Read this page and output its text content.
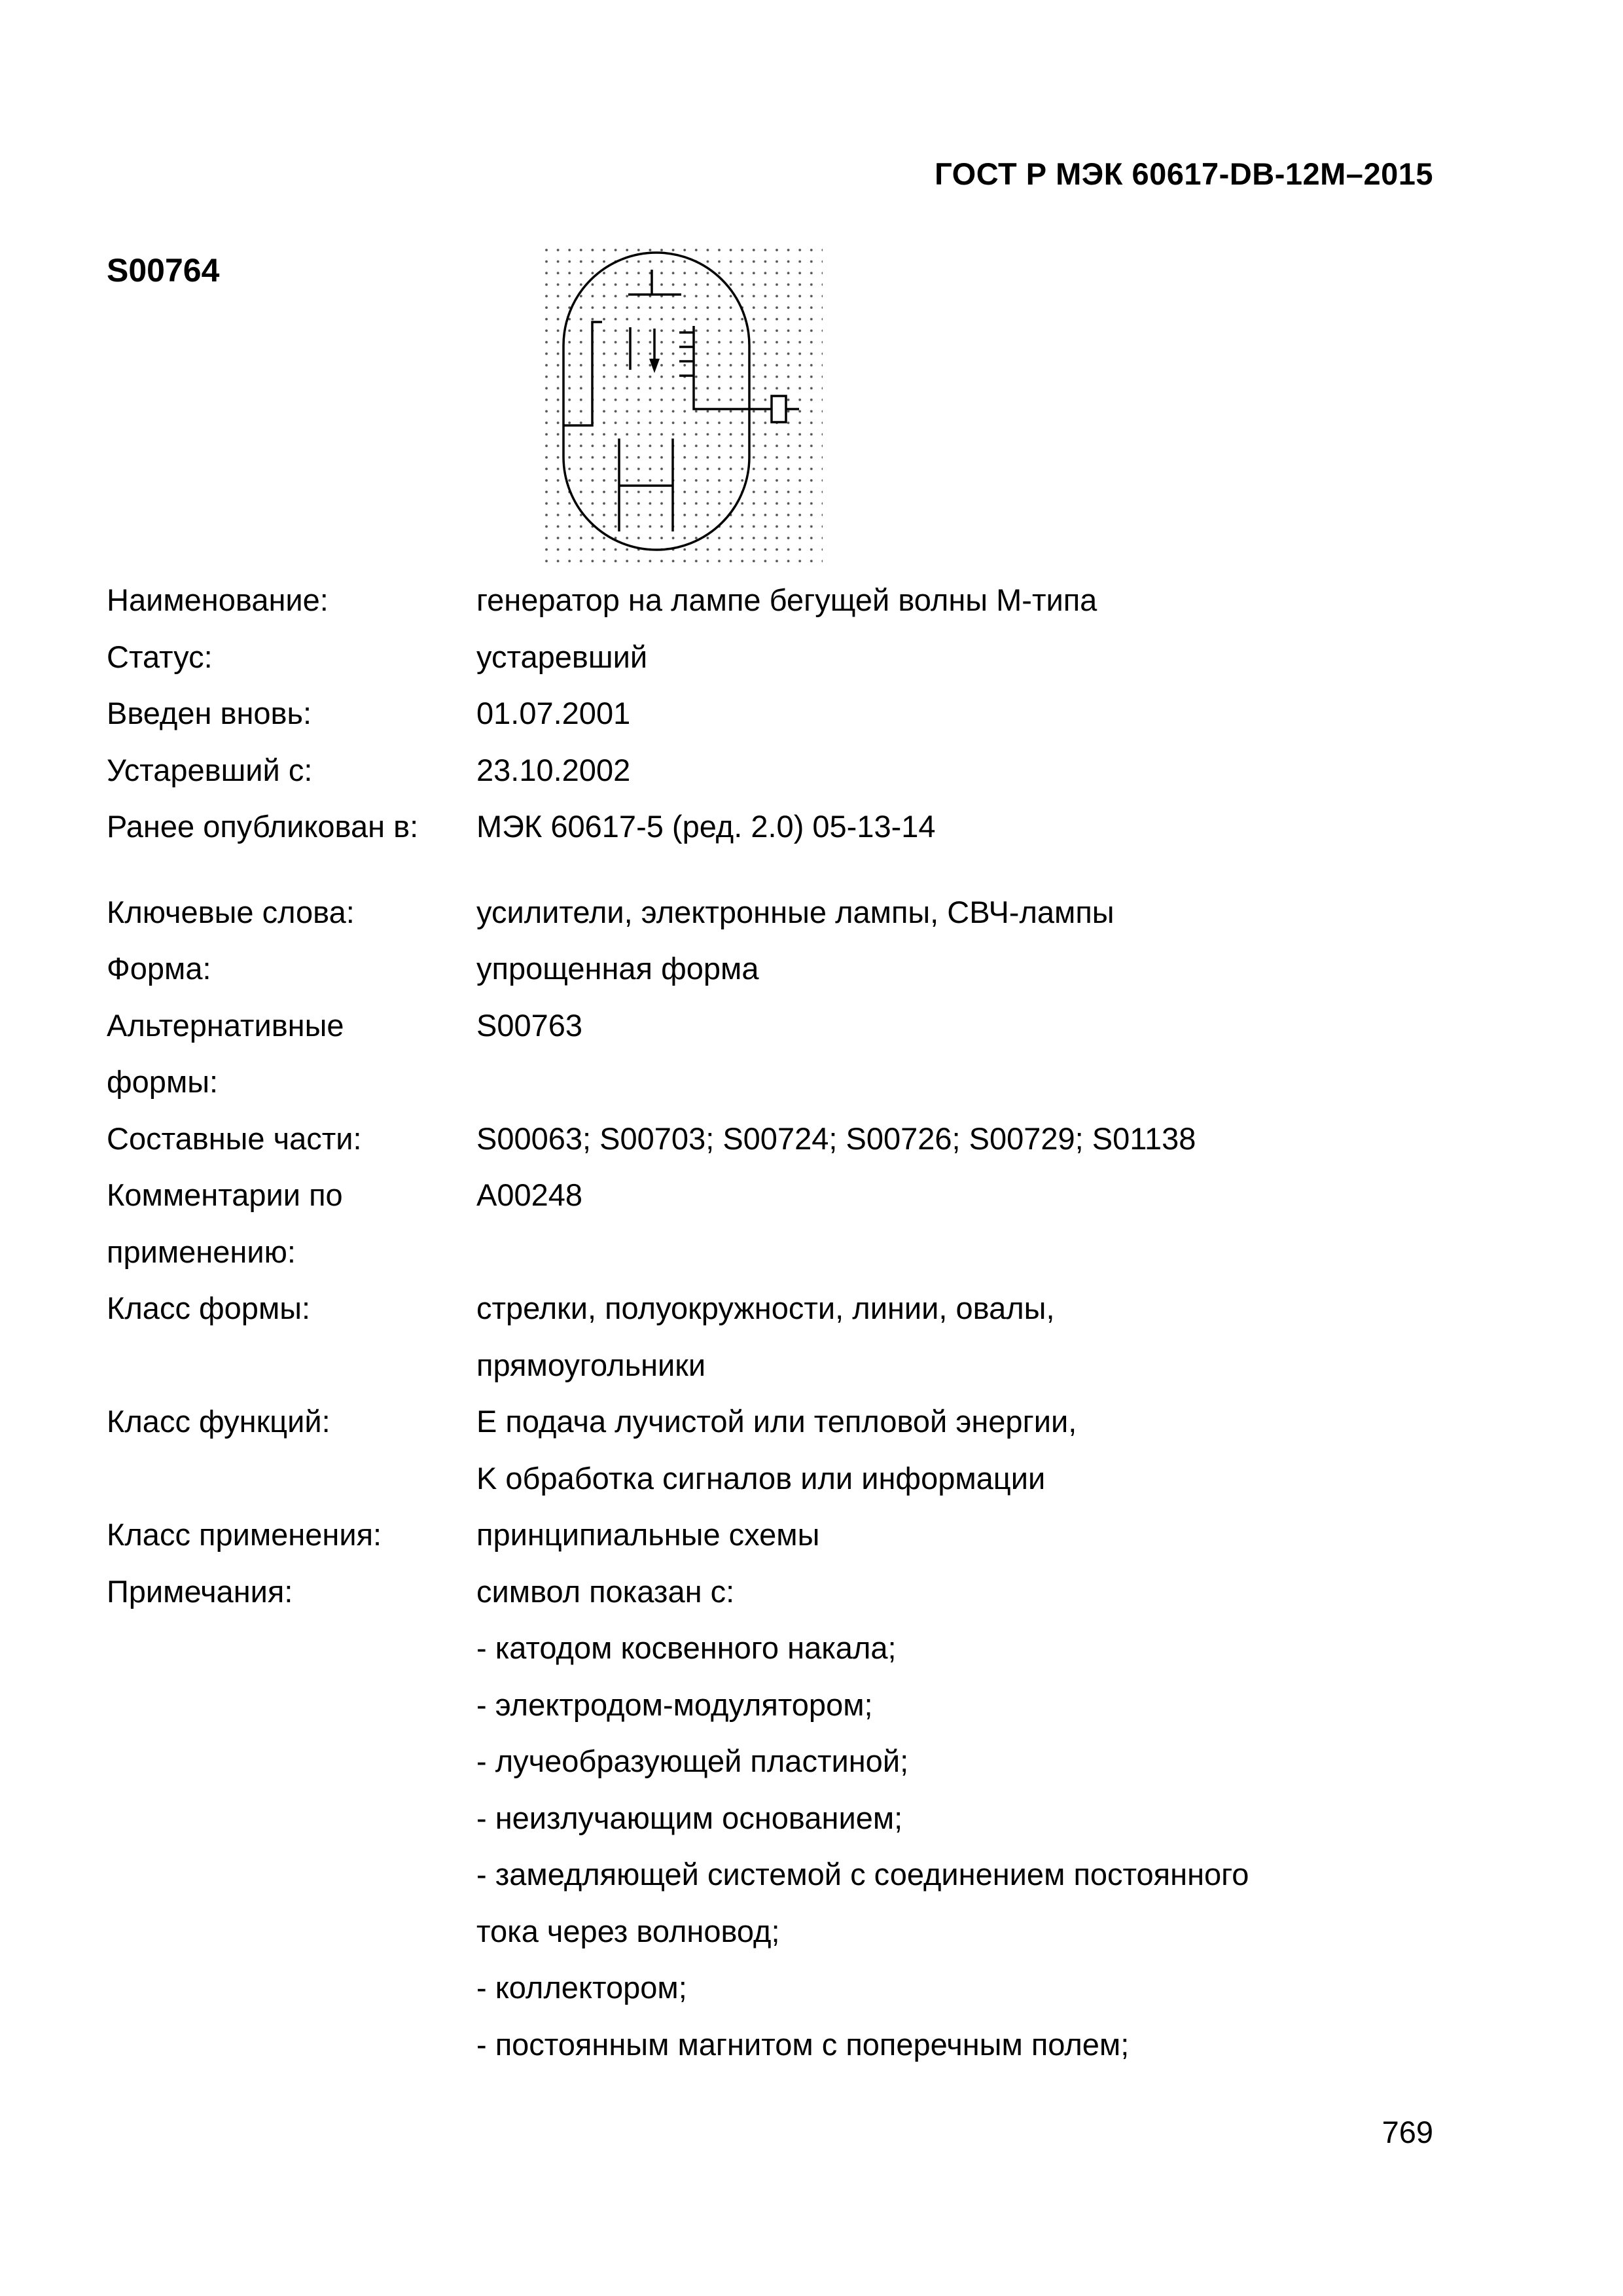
ГОСТ Р МЭК 60617-DB-12M–2015
S00764
Наименование:	генератор на лампе бегущей волны М-типа
Статус:	устаревший
Введен вновь:	01.07.2001
Устаревший с:	23.10.2002
Ранее опубликован в:	МЭК 60617-5 (ред. 2.0) 05-13-14
Ключевые слова:	усилители, электронные лампы, СВЧ-лампы
Форма:	упрощенная форма
Альтернативные
формы:
S00763
Составные части:	S00063; S00703; S00724; S00726; S00729; S01138
Комментарии по
применению:
A00248
Класс формы:	стрелки, полуокружности, линии, овалы,
прямоугольники
Класс функций:	Е подача лучистой или тепловой энергии,
K обработка сигналов или информации
Класс применения:	принципиальные схемы
Примечания:	символ показан с:
- катодом косвенного накала;
- электродом-модулятором;
- лучеобразующей пластиной;
- неизлучающим основанием;
- замедляющей системой с соединением постоянного
тока через волновод;
- коллектором;
- постоянным магнитом с поперечным полем;
769
